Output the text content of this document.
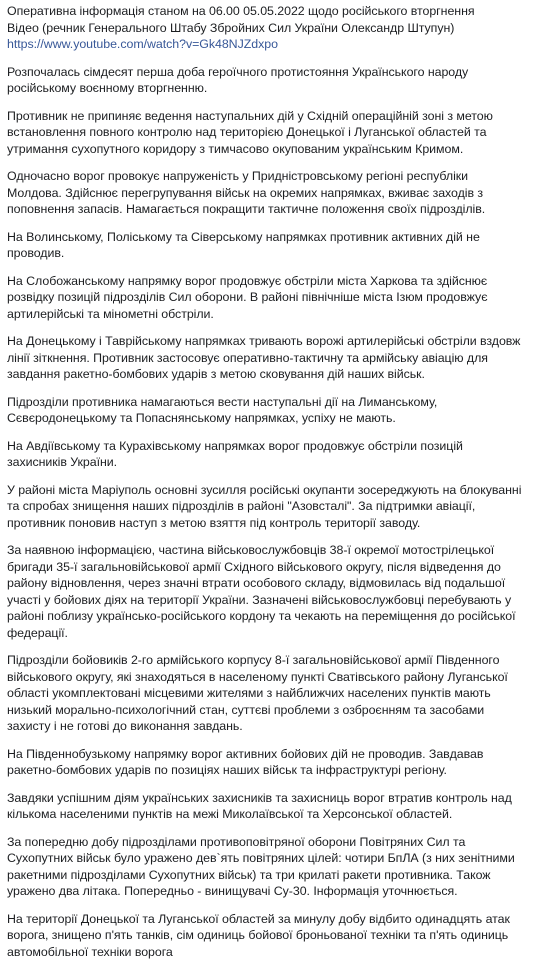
Оперативна інформація станом на 06.00 05.05.2022 щодо російського вторгнення
Відео (речник Генерального Штабу Збройних Сил України Олександр Штупун)
https://www.youtube.com/watch?v=Gk48NJZdxpo

Розпочалась сімдесят перша доба героїчного протистояння Українського народу російському воєнному вторгненню.

Противник не припиняє ведення наступальних дій у Східній операційній зоні з метою встановлення повного контролю над територією Донецької і Луганської областей та утримання сухопутного коридору з тимчасово окупованим українським Кримом.

Одночасно ворог провокує напруженість у Придністровському регіоні республіки Молдова. Здійснює перегрупування військ на окремих напрямках, вживає заходів з поповнення запасів. Намагається покращити тактичне положення своїх підрозділів.

На Волинському, Поліському та Сіверському напрямках противник активних дій не проводив.

На Слобожанському напрямку ворог продовжує обстріли міста Харкова та здійснює розвідку позицій підрозділів Сил оборони. В районі північніше міста Ізюм продовжує артилерійські та мінометні обстріли.

На Донецькому і Таврійському напрямках тривають ворожі артилерійські обстріли вздовж лінії зіткнення. Противник застосовує оперативно-тактичну та армійську авіацію для завдання ракетно-бомбових ударів з метою сковування дій наших військ.

Підрозділи противника намагаються вести наступальні дії на Лиманському, Сєвєродонецькому та Попаснянському напрямках, успіху не мають.

На Авдіївському та Курахівському напрямках ворог продовжує обстріли позицій захисників України.

У районі міста Маріуполь основні зусилля російські окупанти зосереджують на блокуванні та спробах знищення наших підрозділів в районі "Азовсталі". За підтримки авіації, противник поновив наступ з метою взяття під контроль території заводу.

За наявною інформацією, частина військовослужбовців 38-ї окремої мотострілецької бригади 35-ї загальновійськової армії Східного військового округу, після відведення до району відновлення, через значні втрати особового складу, відмовилась від подальшої участі у бойових діях на території України. Зазначені військовослужбовці перебувають у районі поблизу українсько-російського кордону та чекають на переміщення до російської федерації.

Підрозділи бойовиків 2-го армійського корпусу 8-ї загальновійськової армії Південного військового округу, які знаходяться в населеному пункті Сватівського району Луганської області укомплектовані місцевими жителями з найближчих населених пунктів мають низький морально-психологічний стан, суттєві проблеми з озброєнням та засобами захисту і не готові до виконання завдань.

На Південнобузькому напрямку ворог активних бойових дій не проводив. Завдавав ракетно-бомбових ударів по позиціях наших військ та інфраструктурі регіону.

Завдяки успішним діям українських захисників та захисниць ворог втратив контроль над кількома населеними пунктів на межі Миколаївської та Херсонської областей.

За попередню добу підрозділами противоповітряної оборони Повітряних Сил та Сухопутних військ було уражено дев`ять повітряних цілей: чотири БпЛА (з них зенітними ракетними підрозділами Сухопутних військ) та три крилаті ракети противника. Також уражено два літака. Попередньо - винищувачі Су-30. Інформація уточнюється.

На території Донецької та Луганської областей за минулу добу відбито одинадцять атак ворога, знищено п'ять танків, сім одиниць бойової броньованої техніки та п'ять одиниць автомобільної техніки ворога
